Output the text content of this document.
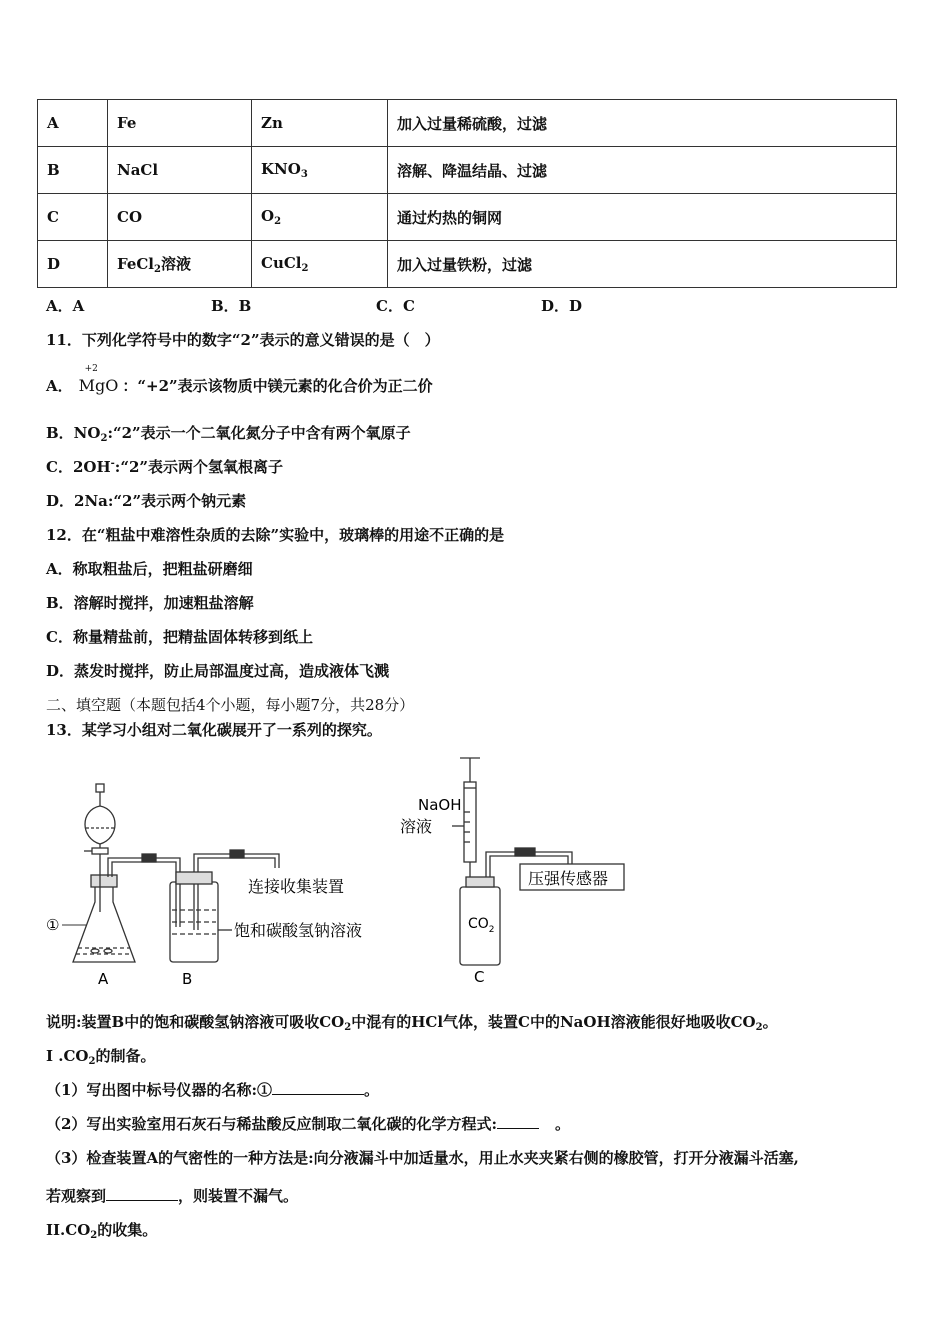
A	Fe	Zn	加入过量稀硫酸，过滤
B	NaCl	$KNO_3$	溶解、降温结晶、过滤
C	CO	$O_2$	通过灼热的铜网
D	FeCl$_2$溶液	CuCl$_2$	加入过量铁粉，过滤
A．A	B．B	C．C	D．D
11．下列化学符号中的数字“2”表示的意义错误的是（　）
A．
+2
MgO ：“+2”表示该物质中镁元素的化合价为正二价
B．$NO_2:“2$”表示一个二氧化氮分子中含有两个氧原子
C．2OH-:“2”表示两个氢氧根离子
D．2Na:“2”表示两个钠元素
12．在“粗盐中难溶性杂质的去除”实验中，玻璃棒的用途不正确的是
A．称取粗盐后，把粗盐研磨细
B．溶解时搅拌，加速粗盐溶解
C．称量精盐前，把精盐固体转移到纸上
D．蒸发时搅拌，防止局部温度过高，造成液体飞溅
二、填空题（本题包括4个小题，每小题7分，共28分）
13．某学习小组对二氧化碳展开了一系列的探究。
①
A	B
连接收集装置
饱和碳酸氢钠溶液
NaOH
溶液
压强传感器
$CO_2$
C
说明:装置B中的饱和碳酸氢钠溶液可吸收$CO_2$中混有的HCl气体，装置C中的NaOH溶液能很好地吸收$CO_2$。
I $.CO_2$的制备。
（1）写出图中标号仪器的名称:①	。
（2）写出实验室用石灰石与稀盐酸反应制取二氧化碳的化学方程式:	。
（3）检查装置A的气密性的一种方法是:向分液漏斗中加适量水，用止水夹夹紧右侧的橡胶管，打开分液漏斗活塞,
若观察到	，则装置不漏气。
$II.CO_2$的收集。
